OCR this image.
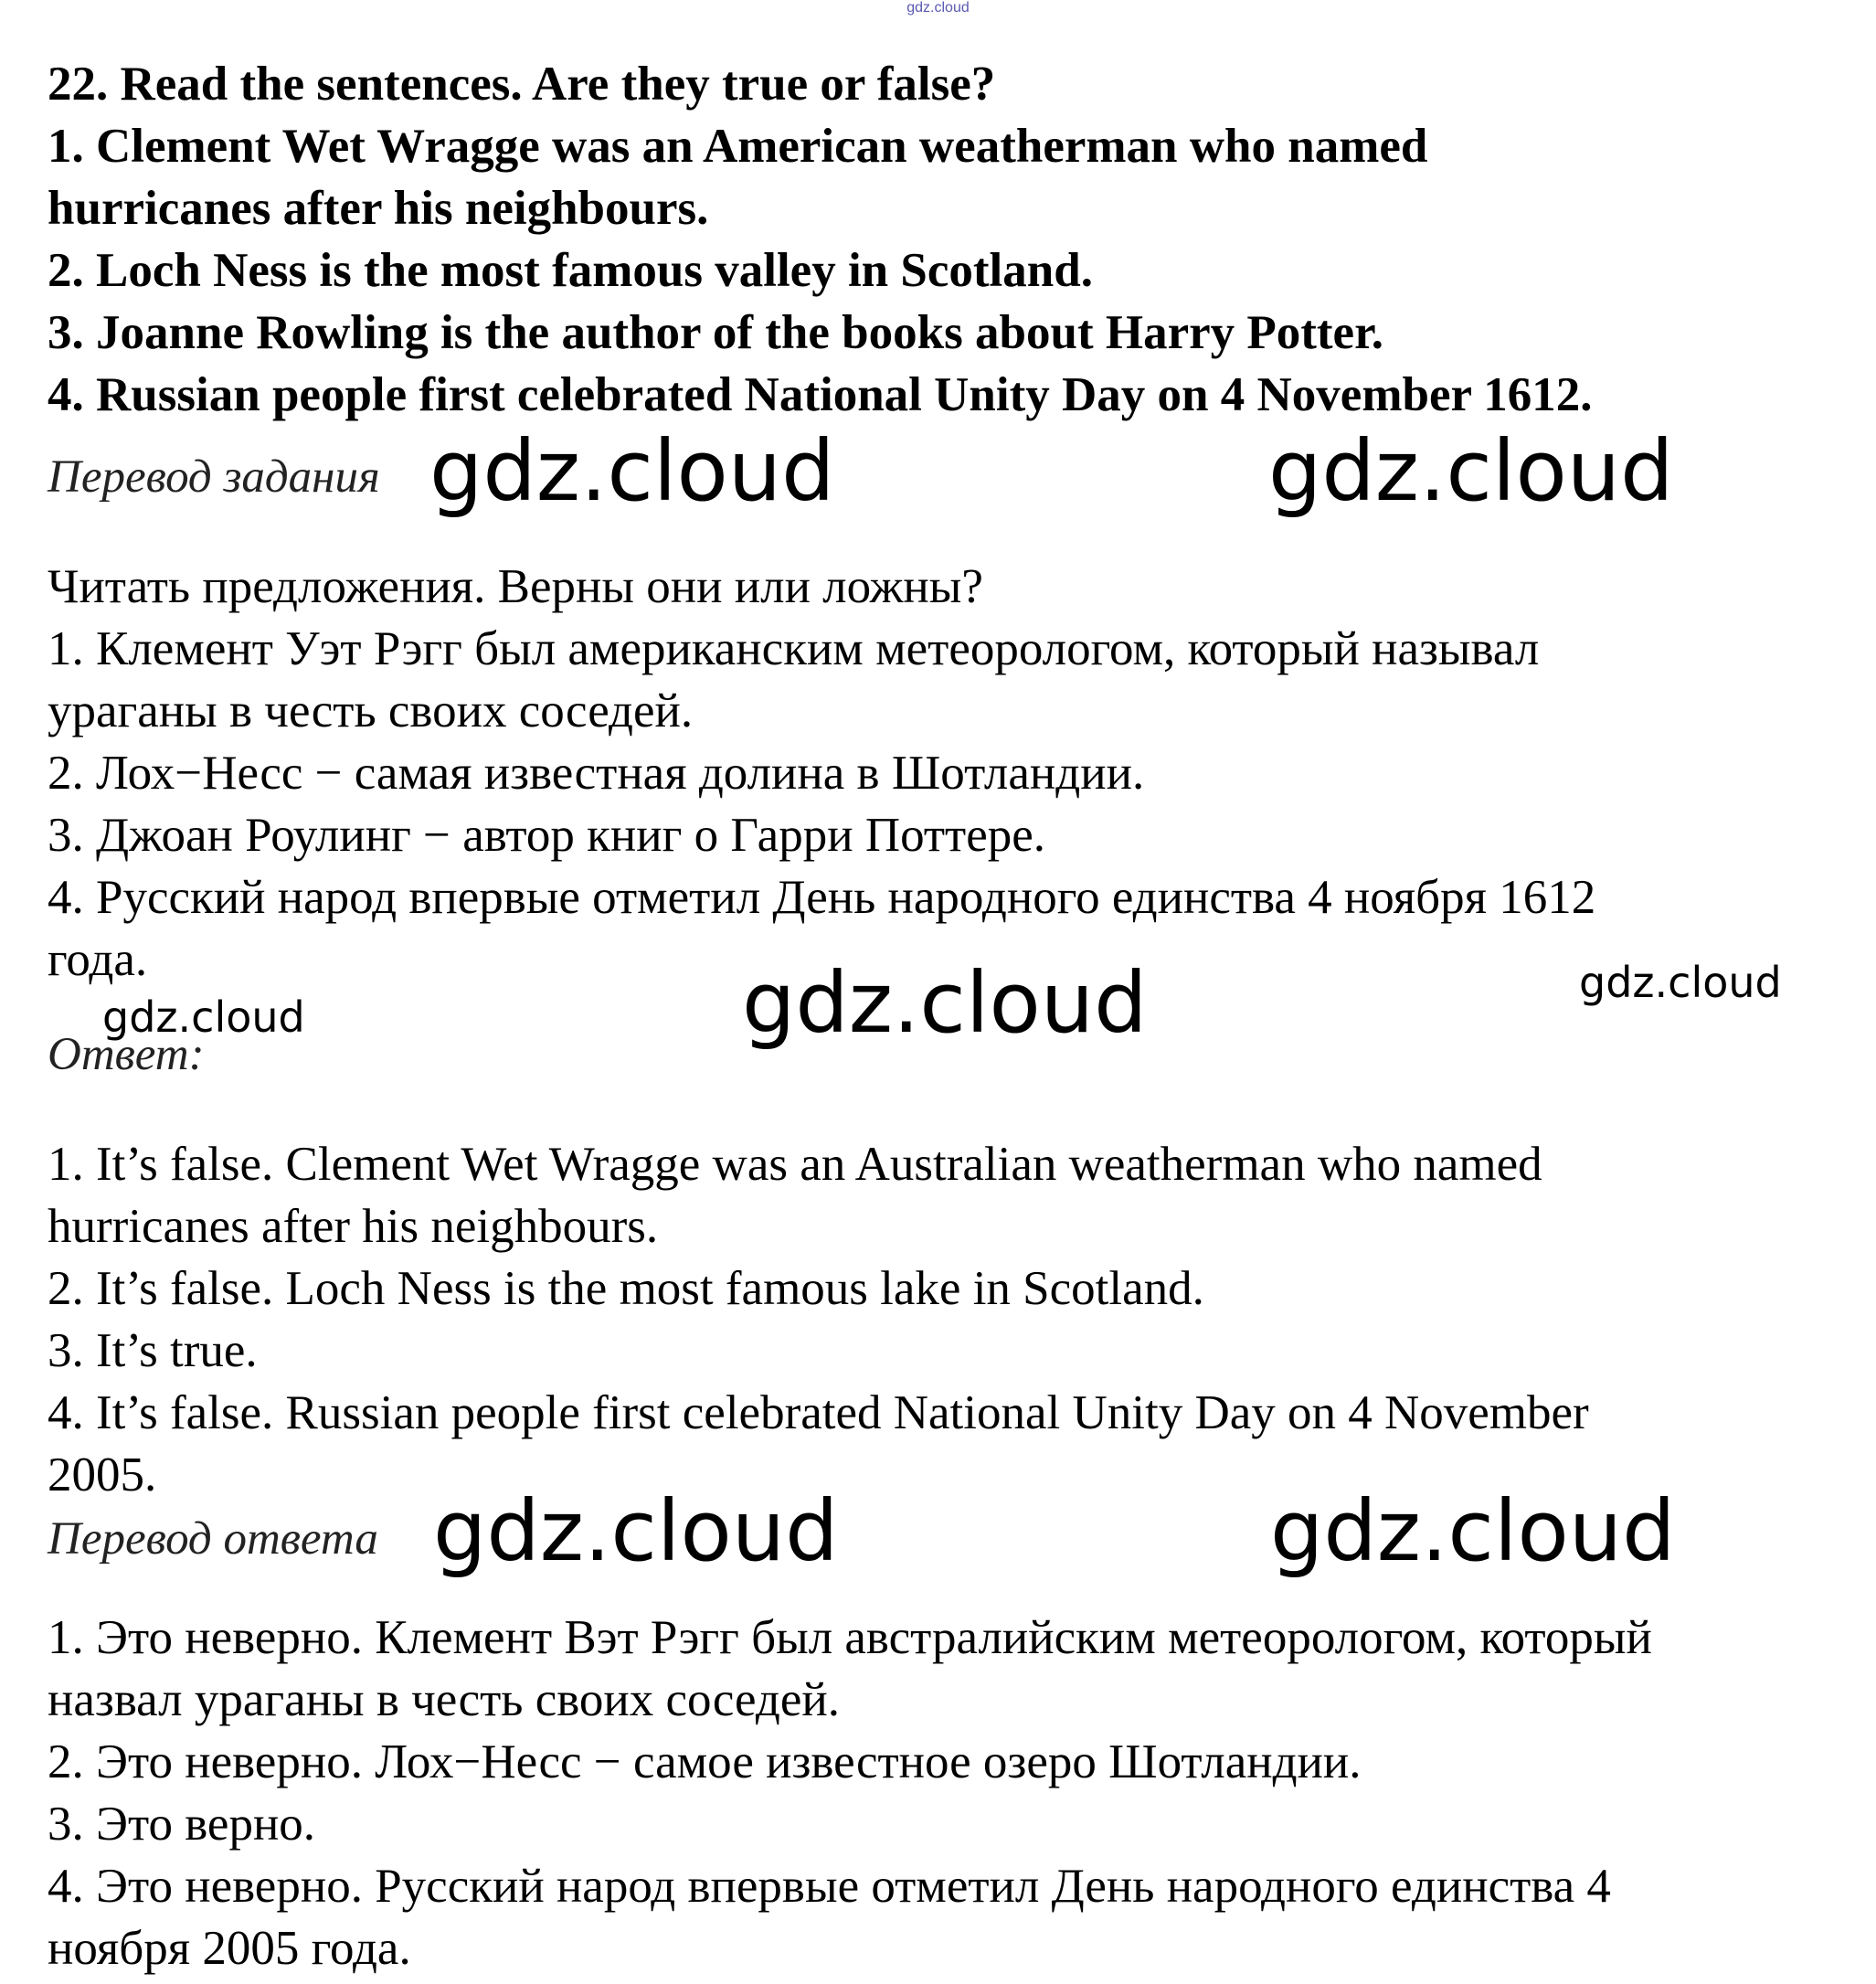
gdz.cloud
22. Read the sentences. Are they true or false?
1. Clement Wet Wragge was an American weatherman who named
hurricanes after his neighbours.
2. Loch Ness is the most famous valley in Scotland.
3. Joanne Rowling is the author of the books about Harry Potter.
4. Russian people first celebrated National Unity Day on 4 November 1612.
Перевод задания
Читать предложения. Верны они или ложны?
1. Клемент Уэт Рэгг был американским метеорологом, который называл
ураганы в честь своих соседей.
2. Лох−Несс − самая известная долина в Шотландии.
3. Джоан Роулинг − автор книг о Гарри Поттере.
4. Русский народ впервые отметил День народного единства 4 ноября 1612
года.
Ответ:
1. It’s false. Clement Wet Wragge was an Australian weatherman who named
hurricanes after his neighbours.
2. It’s false. Loch Ness is the most famous lake in Scotland.
3. It’s true.
4. It’s false. Russian people first celebrated National Unity Day on 4 November
2005.
Перевод ответа
1. Это неверно. Клемент Вэт Рэгг был австралийским метеорологом, который
назвал ураганы в честь своих соседей.
2. Это неверно. Лох−Несс − самое известное озеро Шотландии.
3. Это верно.
4. Это неверно. Русский народ впервые отметил День народного единства 4
ноября 2005 года.
gdz.cloud	gdz.cloud
gdz.cloud	gdz.cloud
gdz.cloud
gdz.cloud	gdz.cloud
